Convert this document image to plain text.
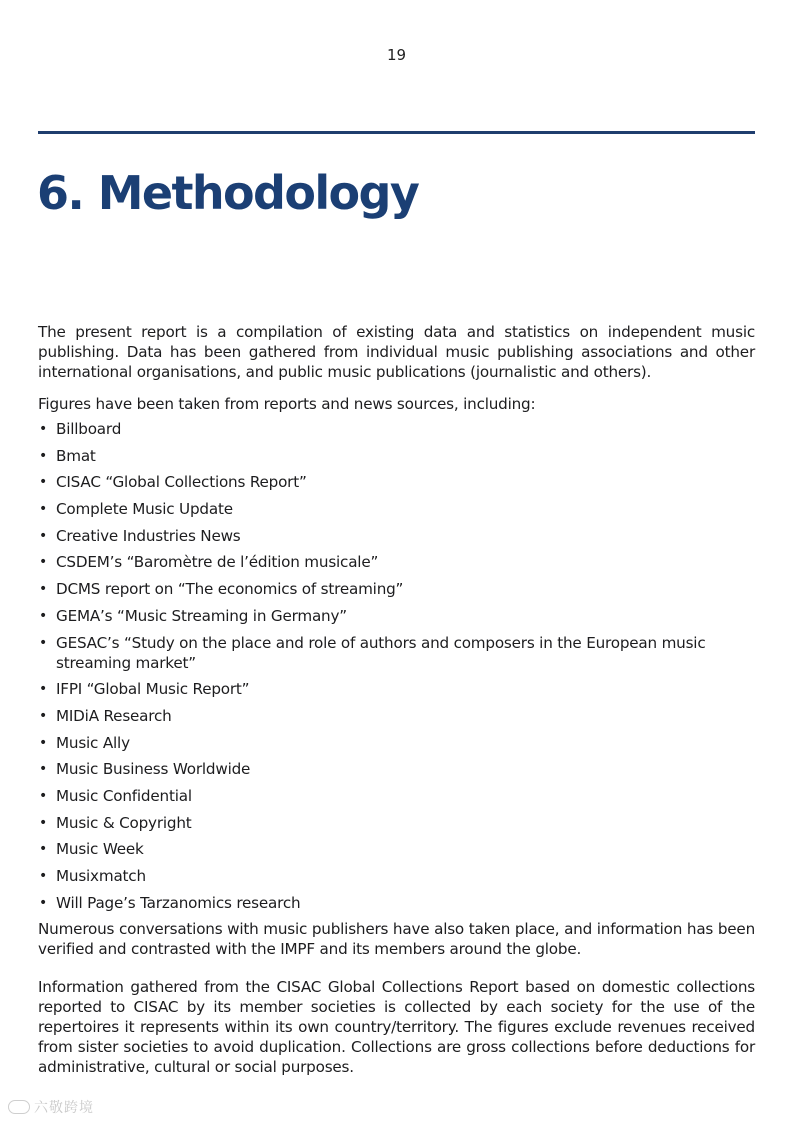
19
6. Methodology

The present report is a compilation of existing data and statistics on independent music publishing. Data has been gathered from individual music publishing associations and other international organisations, and public music publications (journalistic and others).

Figures have been taken from reports and news sources, including:

• Billboard
• Bmat
• CISAC “Global Collections Report”
• Complete Music Update
• Creative Industries News
• CSDEM’s “Baromètre de l’édition musicale”
• DCMS report on “The economics of streaming”
• GEMA’s “Music Streaming in Germany”
• GESAC’s “Study on the place and role of authors and composers in the European music streaming market”
• IFPI “Global Music Report”
• MIDiA Research
• Music Ally
• Music Business Worldwide
• Music Confidential
• Music & Copyright
• Music Week
• Musixmatch
• Will Page’s Tarzanomics research

Numerous conversations with music publishers have also taken place, and information has been verified and contrasted with the IMPF and its members around the globe.

Information gathered from the CISAC Global Collections Report based on domestic collections reported to CISAC by its member societies is collected by each society for the use of the repertoires it represents within its own country/territory. The figures exclude revenues received from sister societies to avoid duplication. Collections are gross collections before deductions for administrative, cultural or social purposes.

六敬跨境
